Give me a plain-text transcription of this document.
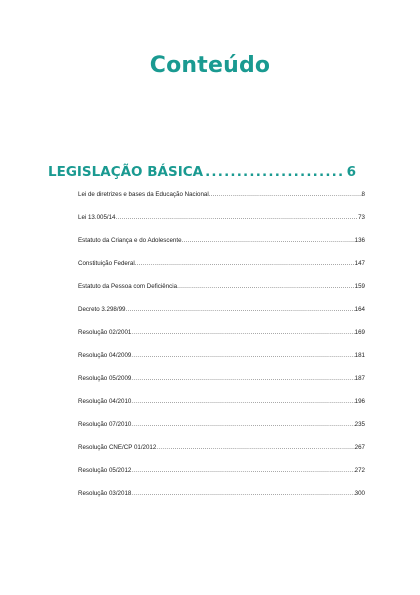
Conteúdo
LEGISLAÇÃO BÁSICA .....	6
Lei de diretrizes e bases da Educação Nacional .....	8
Lei 13.005/14 .....	73
Estatuto da Criança e do Adolescente .....	136
Constituição Federal .....	147
Estatuto da Pessoa com Deficiência .....	159
Decreto 3.298/99 .....	164
Resolução 02/2001 .....	169
Resolução 04/2009 .....	181
Resolução 05/2009 .....	187
Resolução 04/2010 .....	196
Resolução 07/2010 .....	235
Resolução CNE/CP 01/2012 .....	267
Resolução 05/2012 .....	272
Resolução 03/2018 .....	300
